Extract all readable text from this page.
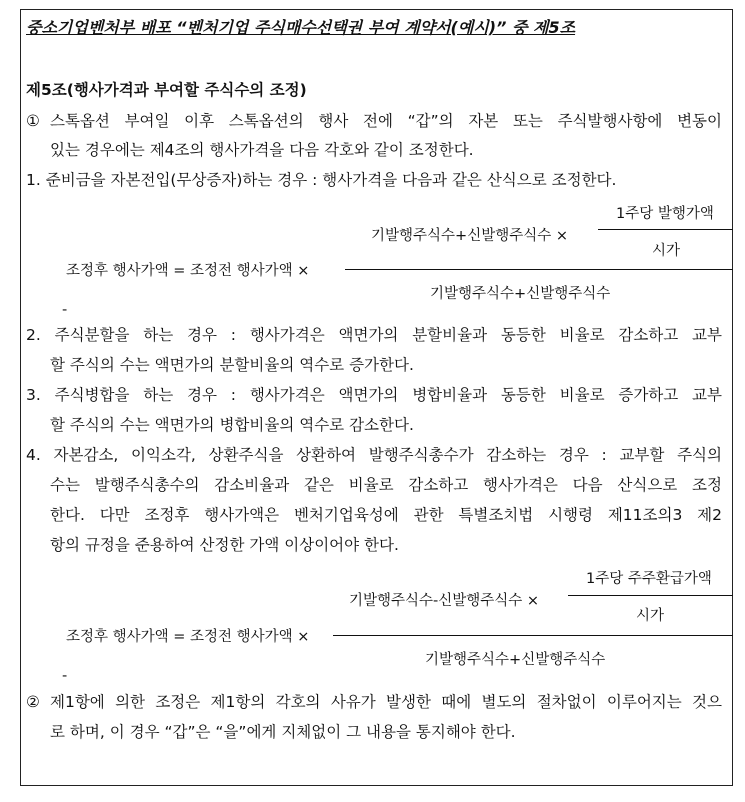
중소기업벤처부 배포 “벤처기업 주식매수선택권 부여 계약서(예시)” 중 제5조
제5조(행사가격과 부여할 주식수의 조정)
① 스톡옵션 부여일 이후 스톡옵션의 행사 전에 “갑”의 자본 또는 주식발행사항에 변동이
있는 경우에는 제4조의 행사가격을 다음 각호와 같이 조정한다.
1. 준비금을 자본전입(무상증자)하는 경우 : 행사가격을 다음과 같은 산식으로 조정한다.
1주당 발행가액
기발행주식수+신발행주식수 ×
시가
조정후 행사가액 = 조정전 행사가액 ×
기발행주식수+신발행주식수
-
2. 주식분할을 하는 경우 : 행사가격은 액면가의 분할비율과 동등한 비율로 감소하고 교부
할 주식의 수는 액면가의 분할비율의 역수로 증가한다.
3. 주식병합을 하는 경우 : 행사가격은 액면가의 병합비율과 동등한 비율로 증가하고 교부
할 주식의 수는 액면가의 병합비율의 역수로 감소한다.
4. 자본감소, 이익소각, 상환주식을 상환하여 발행주식총수가 감소하는 경우 : 교부할 주식의
수는 발행주식총수의 감소비율과 같은 비율로 감소하고 행사가격은 다음 산식으로 조정
한다. 다만 조정후 행사가액은 벤처기업육성에 관한 특별조치법 시행령 제11조의3 제2
항의 규정을 준용하여 산정한 가액 이상이어야 한다.
1주당 주주환급가액
기발행주식수-신발행주식수 ×
시가
조정후 행사가액 = 조정전 행사가액 ×
기발행주식수+신발행주식수
-
② 제1항에 의한 조정은 제1항의 각호의 사유가 발생한 때에 별도의 절차없이 이루어지는 것으
로 하며, 이 경우 “갑”은 “을”에게 지체없이 그 내용을 통지해야 한다.
